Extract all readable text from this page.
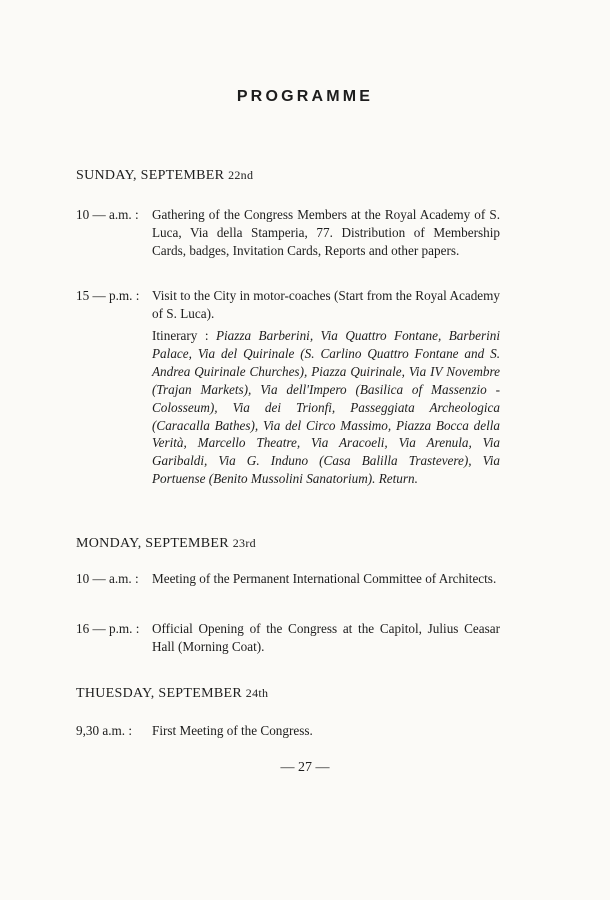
PROGRAMME
SUNDAY, SEPTEMBER 22nd
10 — a.m. :	Gathering of the Congress Members at the Royal Academy of S. Luca, Via della Stamperia, 77. Distribution of Membership Cards, badges, Invitation Cards, Reports and other papers.
15 — p.m. : Visit to the City in motor-coaches (Start from the Royal Academy of S. Luca).
Itinerary : Piazza Barberini, Via Quattro Fontane, Barberini Palace, Via del Quirinale (S. Carlino Quattro Fontane and S. Andrea Quirinale Churches), Piazza Quirinale, Via IV Novembre (Trajan Markets), Via dell'Impero (Basilica of Massenzio - Colosseum), Via dei Trionfi, Passeggiata Archeologica (Caracalla Bathes), Via del Circo Massimo, Piazza Bocca della Verità, Marcello Theatre, Via Aracoeli, Via Arenula, Via Garibaldi, Via G. Induno (Casa Balilla Trastevere), Via Portuense (Benito Mussolini Sanatorium). Return.
MONDAY, SEPTEMBER 23rd
10 — a.m. :	Meeting of the Permanent International Committee of Architects.
16 — p.m. : Official Opening of the Congress at the Capitol, Julius Ceasar Hall (Morning Coat).
THUESDAY, SEPTEMBER 24th
9,30 a.m. :	First Meeting of the Congress.
— 27 —
